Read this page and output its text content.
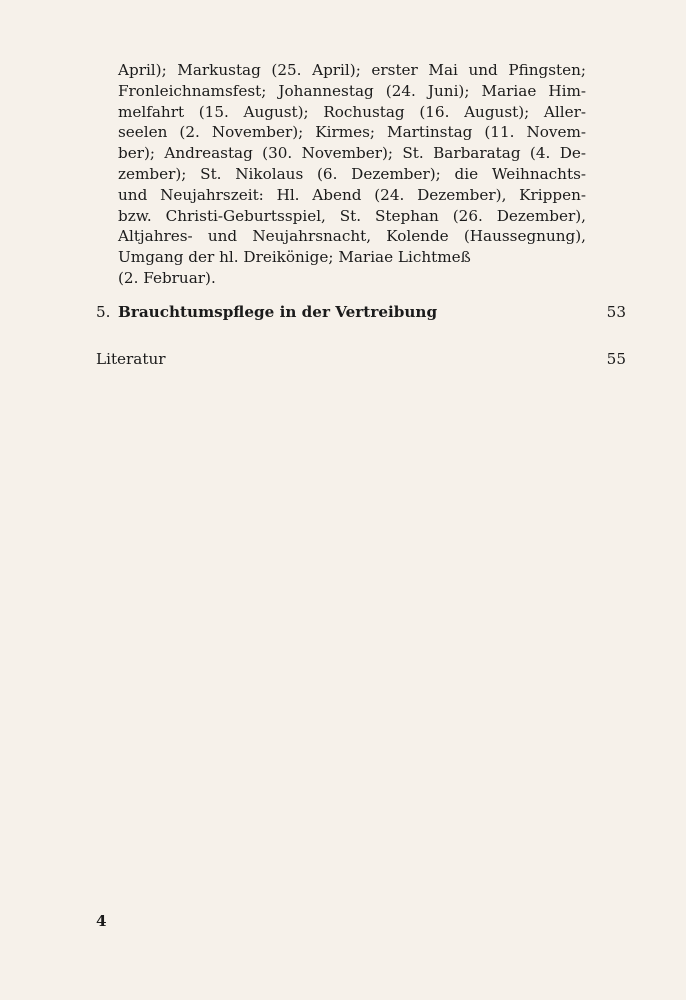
April); Markustag (25. April); erster Mai und Pfingsten;
Fronleichnamsfest; Johannestag (24. Juni); Mariae Him-
melfahrt (15. August); Rochustag (16. August); Aller-
seelen (2. November); Kirmes; Martinstag (11. Novem-
ber); Andreastag (30. November); St. Barbaratag (4. De-
zember); St. Nikolaus (6. Dezember); die Weihnachts-
und Neujahrszeit: Hl. Abend (24. Dezember), Krippen-
bzw. Christi-Geburtsspiel, St. Stephan (26. Dezember),
Altjahres- und Neujahrsnacht, Kolende (Haussegnung),
Umgang der hl. Dreikönige; Mariae Lichtmeß
(2. Februar).
5. Brauchtumspflege in der Vertreibung	53
Literatur	55
4
